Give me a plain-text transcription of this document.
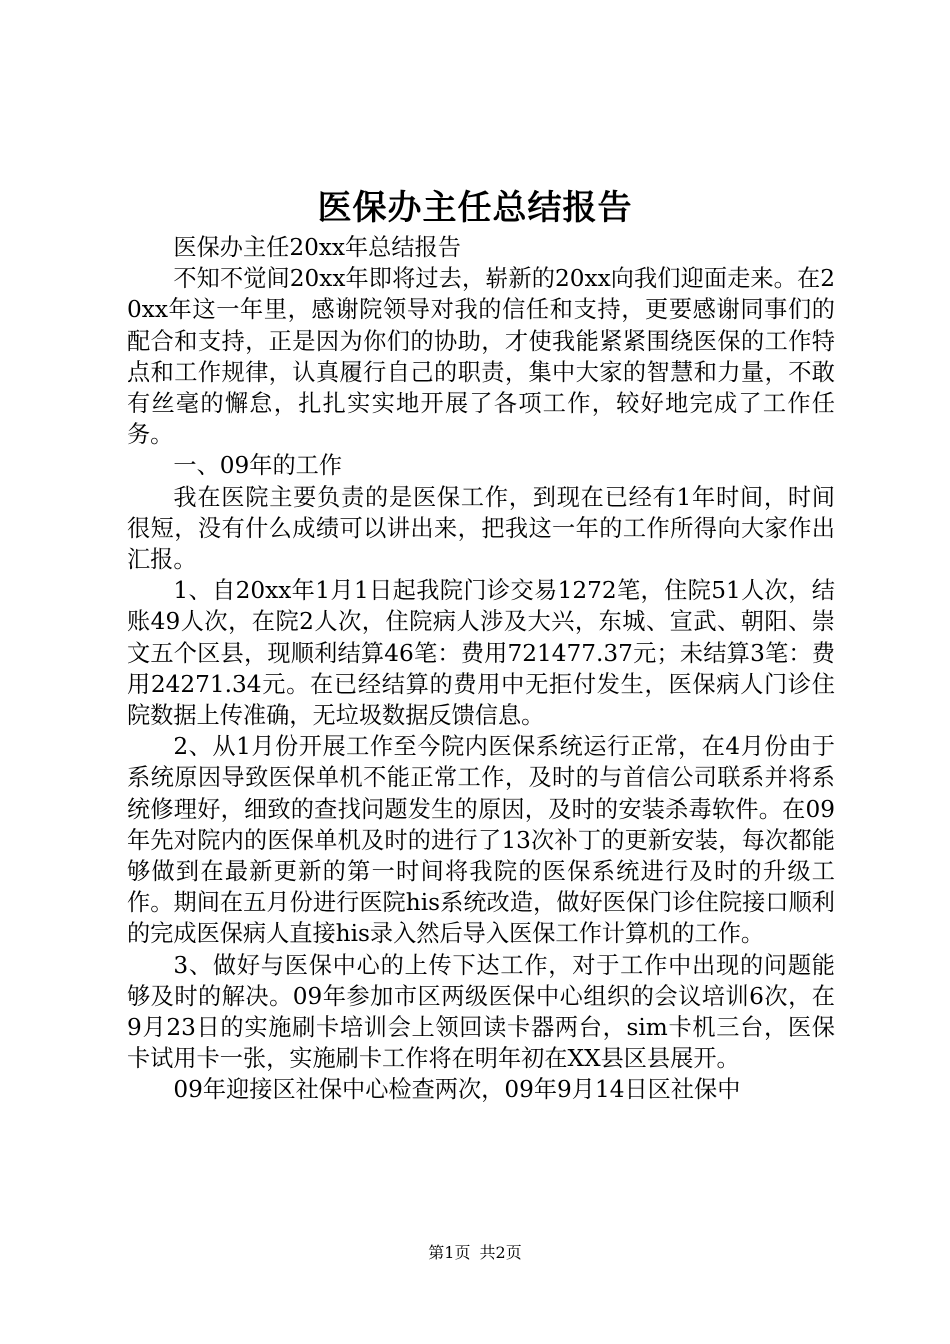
医保办主任总结报告

医保办主任20xx年总结报告

不知不觉间20xx年即将过去，崭新的20xx向我们迎面走来。在20xx年这一年里，感谢院领导对我的信任和支持，更要感谢同事们的配合和支持，正是因为你们的协助，才使我能紧紧围绕医保的工作特点和工作规律，认真履行自己的职责，集中大家的智慧和力量，不敢有丝毫的懈怠，扎扎实实地开展了各项工作，较好地完成了工作任务。

一、09年的工作

我在医院主要负责的是医保工作，到现在已经有1年时间，时间很短，没有什么成绩可以讲出来，把我这一年的工作所得向大家作出汇报。

1、自20xx年1月1日起我院门诊交易1272笔，住院51人次，结账49人次，在院2人次，住院病人涉及大兴，东城、宣武、朝阳、崇文五个区县，现顺利结算46笔：费用721477.37元；未结算3笔：费用24271.34元。在已经结算的费用中无拒付发生，医保病人门诊住院数据上传准确，无垃圾数据反馈信息。

2、从1月份开展工作至今院内医保系统运行正常，在4月份由于系统原因导致医保单机不能正常工作，及时的与首信公司联系并将系统修理好，细致的查找问题发生的原因，及时的安装杀毒软件。在09年先对院内的医保单机及时的进行了13次补丁的更新安装，每次都能够做到在最新更新的第一时间将我院的医保系统进行及时的升级工作。期间在五月份进行医院his系统改造，做好医保门诊住院接口顺利的完成医保病人直接his录入然后导入医保工作计算机的工作。

3、做好与医保中心的上传下达工作，对于工作中出现的问题能够及时的解决。09年参加市区两级医保中心组织的会议培训6次，在9月23日的实施刷卡培训会上领回读卡器两台，sim卡机三台，医保卡试用卡一张，实施刷卡工作将在明年初在XX县区县展开。

09年迎接区社保中心检查两次，09年9月14日区社保中

第1页 共2页
